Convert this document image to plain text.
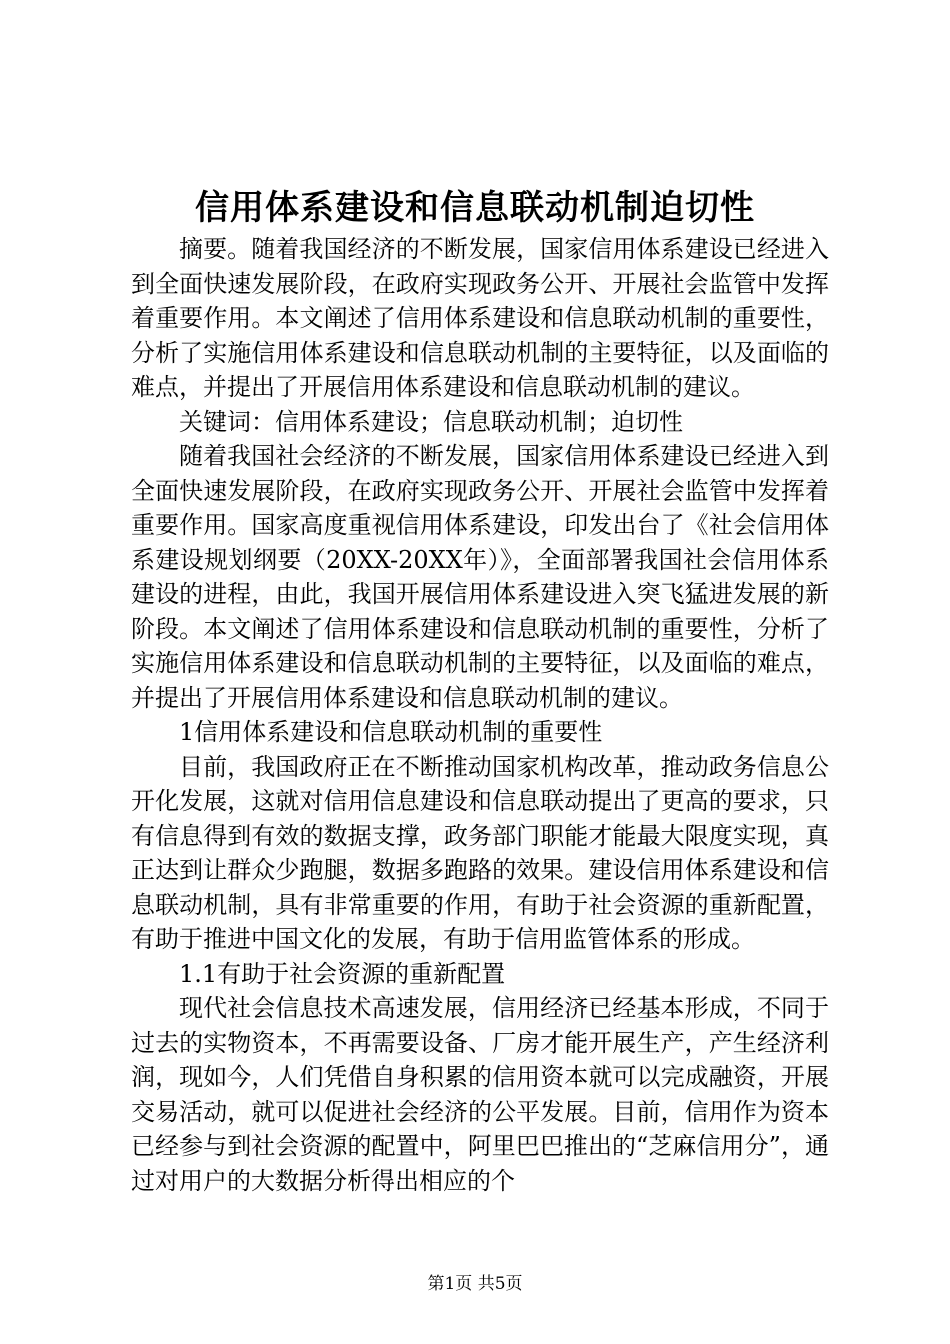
信用体系建设和信息联动机制迫切性

摘要。随着我国经济的不断发展，国家信用体系建设已经进入到全面快速发展阶段，在政府实现政务公开、开展社会监管中发挥着重要作用。本文阐述了信用体系建设和信息联动机制的重要性，分析了实施信用体系建设和信息联动机制的主要特征，以及面临的难点，并提出了开展信用体系建设和信息联动机制的建议。

关键词：信用体系建设；信息联动机制；迫切性

随着我国社会经济的不断发展，国家信用体系建设已经进入到全面快速发展阶段，在政府实现政务公开、开展社会监管中发挥着重要作用。国家高度重视信用体系建设，印发出台了《社会信用体系建设规划纲要（20XX-20XX年）》，全面部署我国社会信用体系建设的进程，由此，我国开展信用体系建设进入突飞猛进发展的新阶段。本文阐述了信用体系建设和信息联动机制的重要性，分析了实施信用体系建设和信息联动机制的主要特征，以及面临的难点，并提出了开展信用体系建设和信息联动机制的建议。

1信用体系建设和信息联动机制的重要性

目前，我国政府正在不断推动国家机构改革，推动政务信息公开化发展，这就对信用信息建设和信息联动提出了更高的要求，只有信息得到有效的数据支撑，政务部门职能才能最大限度实现，真正达到让群众少跑腿，数据多跑路的效果。建设信用体系建设和信息联动机制，具有非常重要的作用，有助于社会资源的重新配置，有助于推进中国文化的发展，有助于信用监管体系的形成。

1.1有助于社会资源的重新配置

现代社会信息技术高速发展，信用经济已经基本形成，不同于过去的实物资本，不再需要设备、厂房才能开展生产，产生经济利润，现如今，人们凭借自身积累的信用资本就可以完成融资，开展交易活动，就可以促进社会经济的公平发展。目前，信用作为资本已经参与到社会资源的配置中，阿里巴巴推出的“芝麻信用分”，通过对用户的大数据分析得出相应的个

第1页 共5页
